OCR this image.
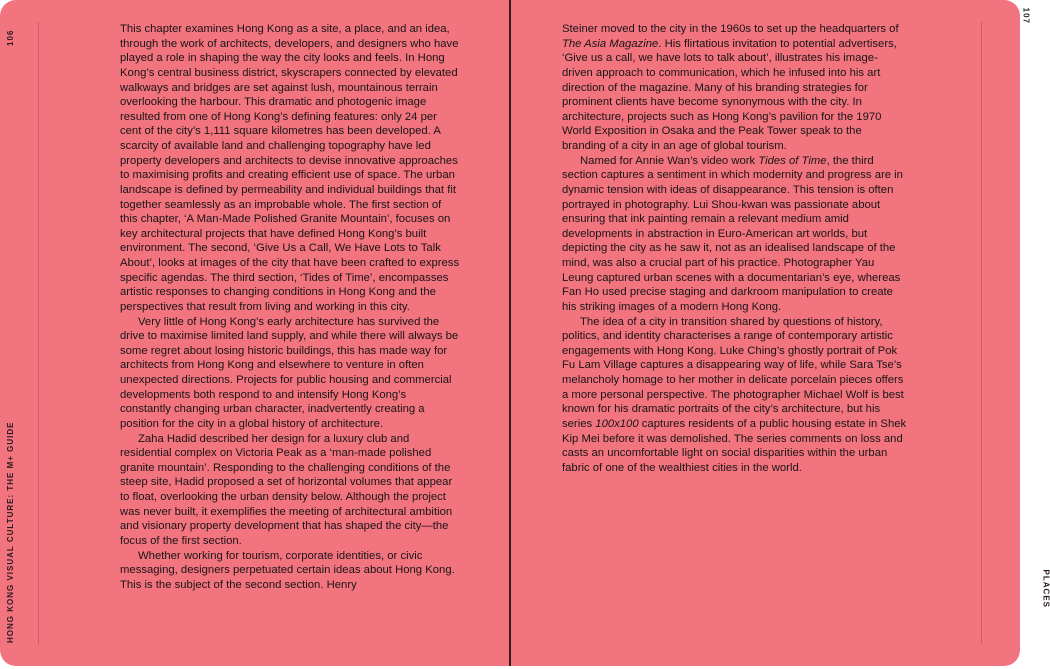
106
HONG KONG VISUAL CULTURE: THE M+ GUIDE

This chapter examines Hong Kong as a site, a place, and an idea, through the work of architects, developers, and designers who have played a role in shaping the way the city looks and feels. In Hong Kong’s central business district, skyscrapers connected by elevated walkways and bridges are set against lush, mountainous terrain overlooking the harbour. This dramatic and photogenic image resulted from one of Hong Kong’s defining features: only 24 per cent of the city’s 1,111 square kilometres has been developed. A scarcity of available land and challenging topography have led property developers and architects to devise innovative approaches to maximising profits and creating efficient use of space. The urban landscape is defined by permeability and individual buildings that fit together seamlessly as an improbable whole. The first section of this chapter, ‘A Man-Made Polished Granite Mountain’, focuses on key architectural projects that have defined Hong Kong’s built environment. The second, ‘Give Us a Call, We Have Lots to Talk About’, looks at images of the city that have been crafted to express specific agendas. The third section, ‘Tides of Time’, encompasses artistic responses to changing conditions in Hong Kong and the perspectives that result from living and working in this city.

Very little of Hong Kong’s early architecture has survived the drive to maximise limited land supply, and while there will always be some regret about losing historic buildings, this has made way for architects from Hong Kong and elsewhere to venture in often unexpected directions. Projects for public housing and commercial developments both respond to and intensify Hong Kong’s constantly changing urban character, inadvertently creating a position for the city in a global history of architecture.

Zaha Hadid described her design for a luxury club and residential complex on Victoria Peak as a ‘man-made polished granite mountain’. Responding to the challenging conditions of the steep site, Hadid proposed a set of horizontal volumes that appear to float, overlooking the urban density below. Although the project was never built, it exemplifies the meeting of architectural ambition and visionary property development that has shaped the city—the focus of the first section.

Whether working for tourism, corporate identities, or civic messaging, designers perpetuated certain ideas about Hong Kong. This is the subject of the second section. Henry

107
PLACES

Steiner moved to the city in the 1960s to set up the headquarters of The Asia Magazine. His flirtatious invitation to potential advertisers, ‘Give us a call, we have lots to talk about’, illustrates his image-driven approach to communication, which he infused into his art direction of the magazine. Many of his branding strategies for prominent clients have become synonymous with the city. In architecture, projects such as Hong Kong’s pavilion for the 1970 World Exposition in Osaka and the Peak Tower speak to the branding of a city in an age of global tourism.

Named for Annie Wan’s video work Tides of Time, the third section captures a sentiment in which modernity and progress are in dynamic tension with ideas of disappearance. This tension is often portrayed in photography. Lui Shou-kwan was passionate about ensuring that ink painting remain a relevant medium amid developments in abstraction in Euro-American art worlds, but depicting the city as he saw it, not as an idealised landscape of the mind, was also a crucial part of his practice. Photographer Yau Leung captured urban scenes with a documentarian’s eye, whereas Fan Ho used precise staging and darkroom manipulation to create his striking images of a modern Hong Kong.

The idea of a city in transition shared by questions of history, politics, and identity characterises a range of contemporary artistic engagements with Hong Kong. Luke Ching’s ghostly portrait of Pok Fu Lam Village captures a disappearing way of life, while Sara Tse’s melancholy homage to her mother in delicate porcelain pieces offers a more personal perspective. The photographer Michael Wolf is best known for his dramatic portraits of the city’s architecture, but his series 100x100 captures residents of a public housing estate in Shek Kip Mei before it was demolished. The series comments on loss and casts an uncomfortable light on social disparities within the urban fabric of one of the wealthiest cities in the world.
